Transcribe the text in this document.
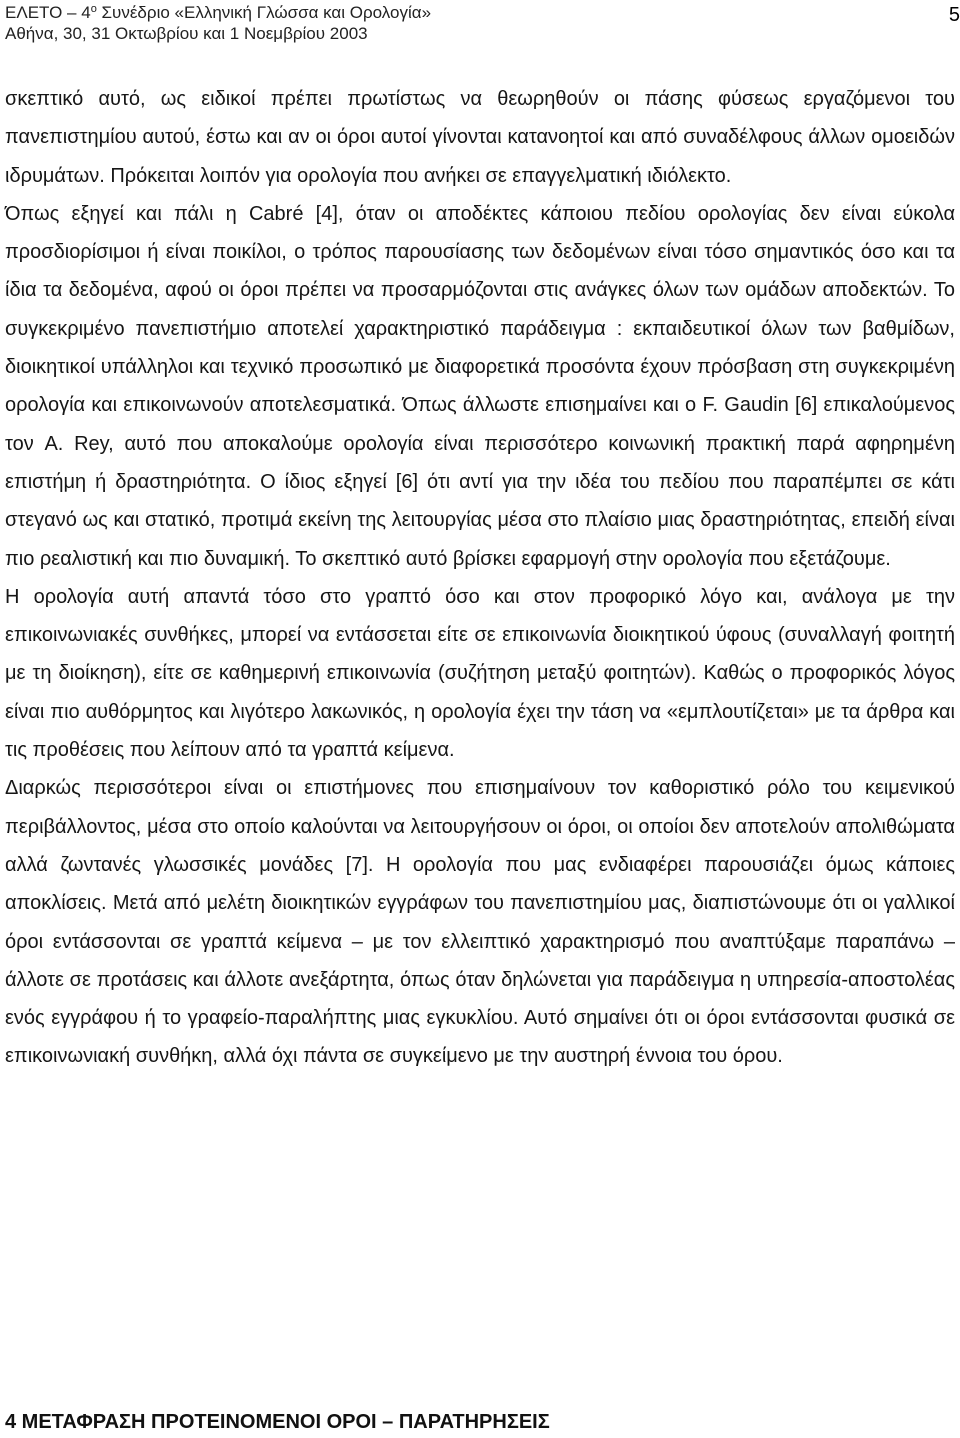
ΕΛΕΤΟ – $4^o$ Συνέδριο «Ελληνική Γλώσσα και Ορολογία»
Αθήνα, 30, 31 Οκτωβρίου και 1 Νοεμβρίου 2003
5

σκεπτικό αυτό, ως ειδικοί πρέπει πρωτίστως να θεωρηθούν οι πάσης φύσεως εργαζόμενοι του πανεπιστημίου αυτού, έστω και αν οι όροι αυτοί γίνονται κατανοητοί και από συναδέλφους άλλων ομοειδών ιδρυμάτων. Πρόκειται λοιπόν για ορολογία που ανήκει σε επαγγελματική ιδιόλεκτο.

Όπως εξηγεί και πάλι η Cabré [4], όταν οι αποδέκτες κάποιου πεδίου ορολογίας δεν είναι εύκολα προσδιορίσιμοι ή είναι ποικίλοι, ο τρόπος παρουσίασης των δεδομένων είναι τόσο σημαντικός όσο και τα ίδια τα δεδομένα, αφού οι όροι πρέπει να προσαρμόζονται στις ανάγκες όλων των ομάδων αποδεκτών. Το συγκεκριμένο πανεπιστήμιο αποτελεί χαρακτηριστικό παράδειγμα : εκπαιδευτικοί όλων των βαθμίδων, διοικητικοί υπάλληλοι και τεχνικό προσωπικό με διαφορετικά προσόντα έχουν πρόσβαση στη συγκεκριμένη ορολογία και επικοινωνούν αποτελεσματικά. Όπως άλλωστε επισημαίνει και ο F. Gaudin [6] επικαλούμενος τον A. Rey, αυτό που αποκαλούμε ορολογία είναι περισσότερο κοινωνική πρακτική παρά αφηρημένη επιστήμη ή δραστηριότητα. Ο ίδιος εξηγεί [6] ότι αντί για την ιδέα του πεδίου που παραπέμπει σε κάτι στεγανό ως και στατικό, προτιμά εκείνη της λειτουργίας μέσα στο πλαίσιο μιας δραστηριότητας, επειδή είναι πιο ρεαλιστική και πιο δυναμική. Το σκεπτικό αυτό βρίσκει εφαρμογή στην ορολογία που εξετάζουμε.

Η ορολογία αυτή απαντά τόσο στο γραπτό όσο και στον προφορικό λόγο και, ανάλογα με την επικοινωνιακές συνθήκες, μπορεί να εντάσσεται είτε σε επικοινωνία διοικητικού ύφους (συναλλαγή φοιτητή με τη διοίκηση), είτε σε καθημερινή επικοινωνία (συζήτηση μεταξύ φοιτητών). Καθώς ο προφορικός λόγος είναι πιο αυθόρμητος και λιγότερο λακωνικός, η ορολογία έχει την τάση να «εμπλουτίζεται» με τα άρθρα και τις προθέσεις που λείπουν από τα γραπτά κείμενα.

Διαρκώς περισσότεροι είναι οι επιστήμονες που επισημαίνουν τον καθοριστικό ρόλο του κειμενικού περιβάλλοντος, μέσα στο οποίο καλούνται να λειτουργήσουν οι όροι, οι οποίοι δεν αποτελούν απολιθώματα αλλά ζωντανές γλωσσικές μονάδες [7]. Η ορολογία που μας ενδιαφέρει παρουσιάζει όμως κάποιες αποκλίσεις. Μετά από μελέτη διοικητικών εγγράφων του πανεπιστημίου μας, διαπιστώνουμε ότι οι γαλλικοί όροι εντάσσονται σε γραπτά κείμενα – με τον ελλειπτικό χαρακτηρισμό που αναπτύξαμε παραπάνω – άλλοτε σε προτάσεις και άλλοτε ανεξάρτητα, όπως όταν δηλώνεται για παράδειγμα η υπηρεσία-αποστολέας ενός εγγράφου ή το γραφείο-παραλήπτης μιας εγκυκλίου. Αυτό σημαίνει ότι οι όροι εντάσσονται φυσικά σε επικοινωνιακή συνθήκη, αλλά όχι πάντα σε συγκείμενο με την αυστηρή έννοια του όρου.

4 ΜΕΤΑΦΡΑΣΗ ΠΡΟΤΕΙΝΟΜΕΝΟΙ ΟΡΟΙ – ΠΑΡΑΤΗΡΗΣΕΙΣ
